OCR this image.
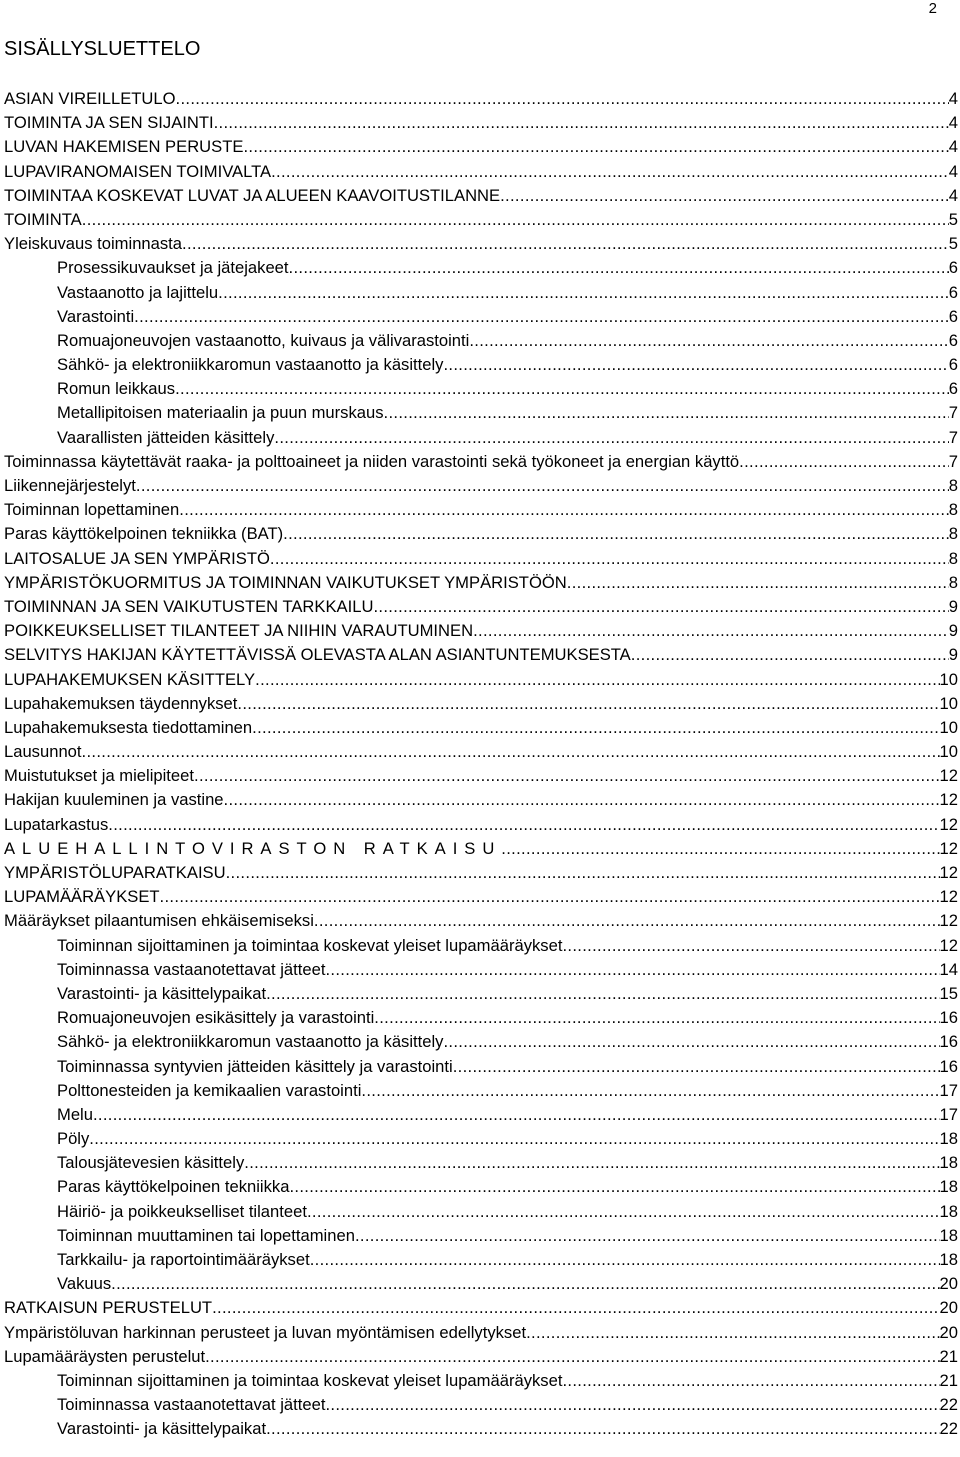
2
SISÄLLYSLUETTELO
ASIAN VIREILLETULO .....	4
TOIMINTA JA SEN SIJAINTI .....	4
LUVAN HAKEMISEN PERUSTE .....	4
LUPAVIRANOMAISEN TOIMIVALTA .....	4
TOIMINTAA KOSKEVAT LUVAT JA ALUEEN KAAVOITUSTILANNE .....	4
TOIMINTA .....	5
Yleiskuvaus toiminnasta .....	5
Prosessikuvaukset ja jätejakeet .....	6
Vastaanotto ja lajittelu .....	6
Varastointi .....	6
Romuajoneuvojen vastaanotto, kuivaus ja välivarastointi .....	6
Sähkö- ja elektroniikkaromun vastaanotto ja käsittely .....	6
Romun leikkaus .....	6
Metallipitoisen materiaalin ja puun murskaus .....	7
Vaarallisten jätteiden käsittely .....	7
Toiminnassa käytettävät raaka- ja polttoaineet ja niiden varastointi sekä työkoneet ja energian käyttö .....	7
Liikennejärjestelyt .....	8
Toiminnan lopettaminen .....	8
Paras käyttökelpoinen tekniikka (BAT) .....	8
LAITOSALUE JA SEN YMPÄRISTÖ .....	8
YMPÄRISTÖKUORMITUS JA TOIMINNAN VAIKUTUKSET YMPÄRISTÖÖN .....	8
TOIMINNAN JA SEN VAIKUTUSTEN TARKKAILU .....	9
POIKKEUKSELLISET TILANTEET JA NIIHIN VARAUTUMINEN .....	9
SELVITYS HAKIJAN KÄYTETTÄVISSÄ OLEVASTA ALAN ASIANTUNTEMUKSESTA .....	9
LUPAHAKEMUKSEN KÄSITTELY .....	10
Lupahakemuksen täydennykset .....	10
Lupahakemuksesta tiedottaminen .....	10
Lausunnot .....	10
Muistutukset ja mielipiteet .....	12
Hakijan kuuleminen ja vastine .....	12
Lupatarkastus .....	12
ALUEHALLINTOVIRASTON RATKAISU .....	12
YMPÄRISTÖLUPARATKAISU .....	12
LUPAMÄÄRÄYKSET .....	12
Määräykset pilaantumisen ehkäisemiseksi .....	12
Toiminnan sijoittaminen ja toimintaa koskevat yleiset lupamääräykset .....	12
Toiminnassa vastaanotettavat jätteet .....	14
Varastointi- ja käsittelypaikat .....	15
Romuajoneuvojen esikäsittely ja varastointi .....	16
Sähkö- ja elektroniikkaromun vastaanotto ja käsittely .....	16
Toiminnassa syntyvien jätteiden käsittely ja varastointi .....	16
Polttonesteiden ja kemikaalien varastointi .....	17
Melu .....	17
Pöly .....	18
Talousjätevesien käsittely .....	18
Paras käyttökelpoinen tekniikka .....	18
Häiriö- ja poikkeukselliset tilanteet .....	18
Toiminnan muuttaminen tai lopettaminen .....	18
Tarkkailu- ja raportointimääräykset .....	18
Vakuus .....	20
RATKAISUN PERUSTELUT .....	20
Ympäristöluvan harkinnan perusteet ja luvan myöntämisen edellytykset .....	20
Lupamääräysten perustelut .....	21
Toiminnan sijoittaminen ja toimintaa koskevat yleiset lupamääräykset .....	21
Toiminnassa vastaanotettavat jätteet .....	22
Varastointi- ja käsittelypaikat .....	22
